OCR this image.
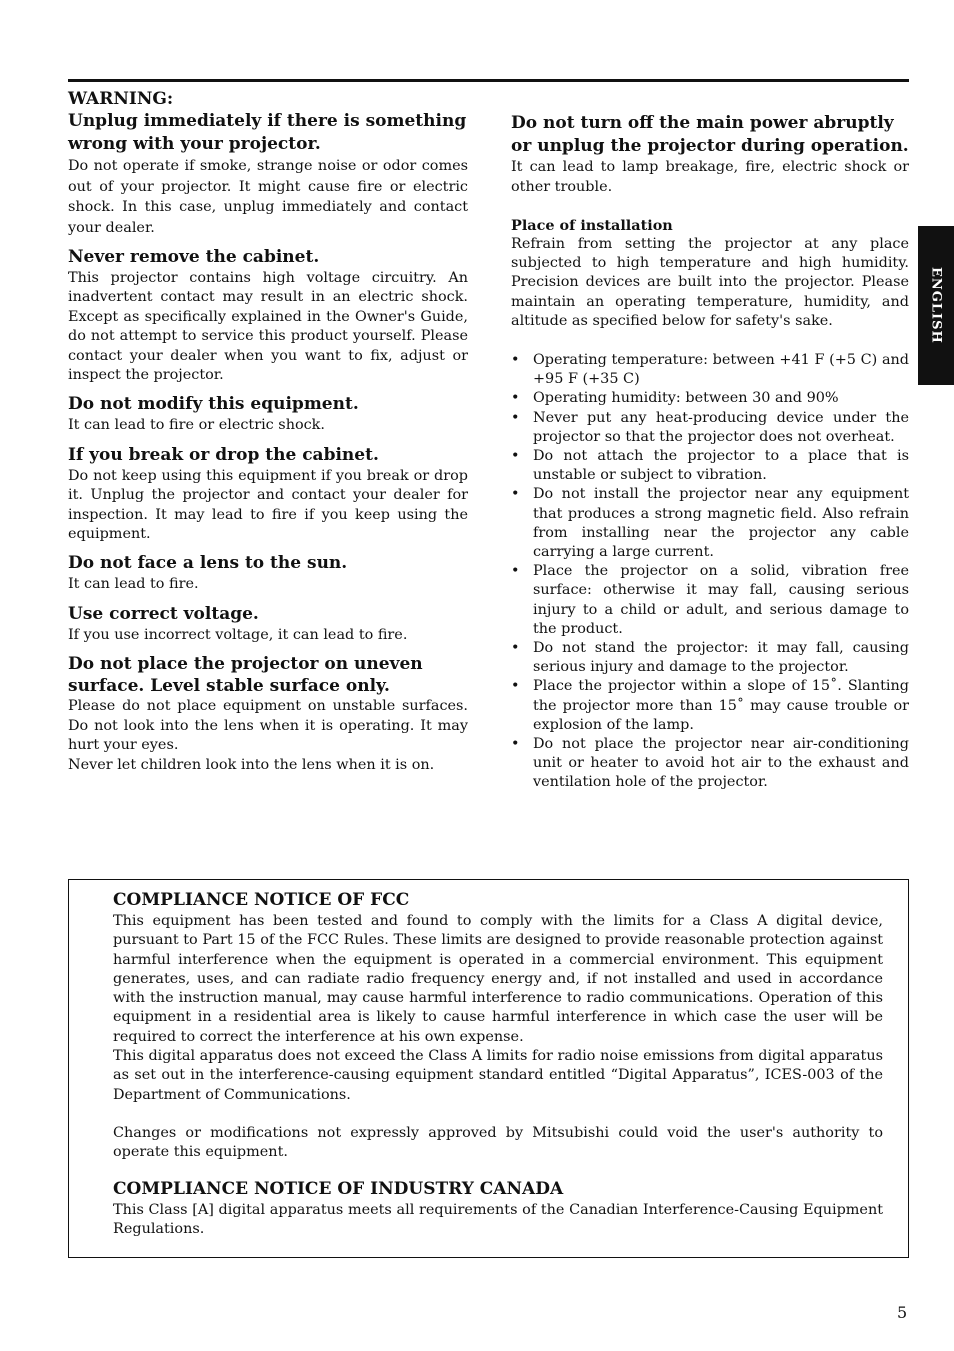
WARNING:

Unplug immediately if there is something wrong with your projector.

Do not operate if smoke, strange noise or odor comes out of your projector. It might cause fire or electric shock. In this case, unplug immediately and contact your dealer.

Never remove the cabinet.

This projector contains high voltage circuitry. An inadvertent contact may result in an electric shock. Except as specifically explained in the Owner's Guide, do not attempt to service this product yourself. Please contact your dealer when you want to fix, adjust or inspect the projector.

Do not modify this equipment.

It can lead to fire or electric shock.

If you break or drop the cabinet.

Do not keep using this equipment if you break or drop it. Unplug the projector and contact your dealer for inspection. It may lead to fire if you keep using the equipment.

Do not face a lens to the sun.

It can lead to fire.

Use correct voltage.

If you use incorrect voltage, it can lead to fire.

Do not place the projector on uneven surface. Level stable surface only.

Please do not place equipment on unstable surfaces. Do not look into the lens when it is operating. It may hurt your eyes.

Never let children look into the lens when it is on.

Do not turn off the main power abruptly or unplug the projector during operation.

It can lead to lamp breakage, fire, electric shock or other trouble.

Place of installation

Refrain from setting the projector at any place subjected to high temperature and high humidity. Precision devices are built into the projector. Please maintain an operating temperature, humidity, and altitude as specified below for safety's sake.

• Operating temperature: between +41 F (+5 C) and +95 F (+35 C)
• Operating humidity: between 30 and 90%
• Never put any heat-producing device under the projector so that the projector does not overheat.
• Do not attach the projector to a place that is unstable or subject to vibration.
• Do not install the projector near any equipment that produces a strong magnetic field. Also refrain from installing near the projector any cable carrying a large current.
• Place the projector on a solid, vibration free surface: otherwise it may fall, causing serious injury to a child or adult, and serious damage to the product.
• Do not stand the projector: it may fall, causing serious injury and damage to the projector.
• Place the projector within a slope of 15˚. Slanting the projector more than 15˚ may cause trouble or explosion of the lamp.
• Do not place the projector near air-conditioning unit or heater to avoid hot air to the exhaust and ventilation hole of the projector.
ENGLISH

COMPLIANCE NOTICE OF FCC

This equipment has been tested and found to comply with the limits for a Class A digital device, pursuant to Part 15 of the FCC Rules. These limits are designed to provide reasonable protection against harmful interference when the equipment is operated in a commercial environment. This equipment generates, uses, and can radiate radio frequency energy and, if not installed and used in accordance with the instruction manual, may cause harmful interference to radio communications. Operation of this equipment in a residential area is likely to cause harmful interference in which case the user will be required to correct the interference at his own expense.

This digital apparatus does not exceed the Class A limits for radio noise emissions from digital apparatus as set out in the interference-causing equipment standard entitled “Digital Apparatus”, ICES-003 of the Department of Communications.

Changes or modifications not expressly approved by Mitsubishi could void the user's authority to operate this equipment.

COMPLIANCE NOTICE OF INDUSTRY CANADA

This Class [A] digital apparatus meets all requirements of the Canadian Interference-Causing Equipment Regulations.

5
